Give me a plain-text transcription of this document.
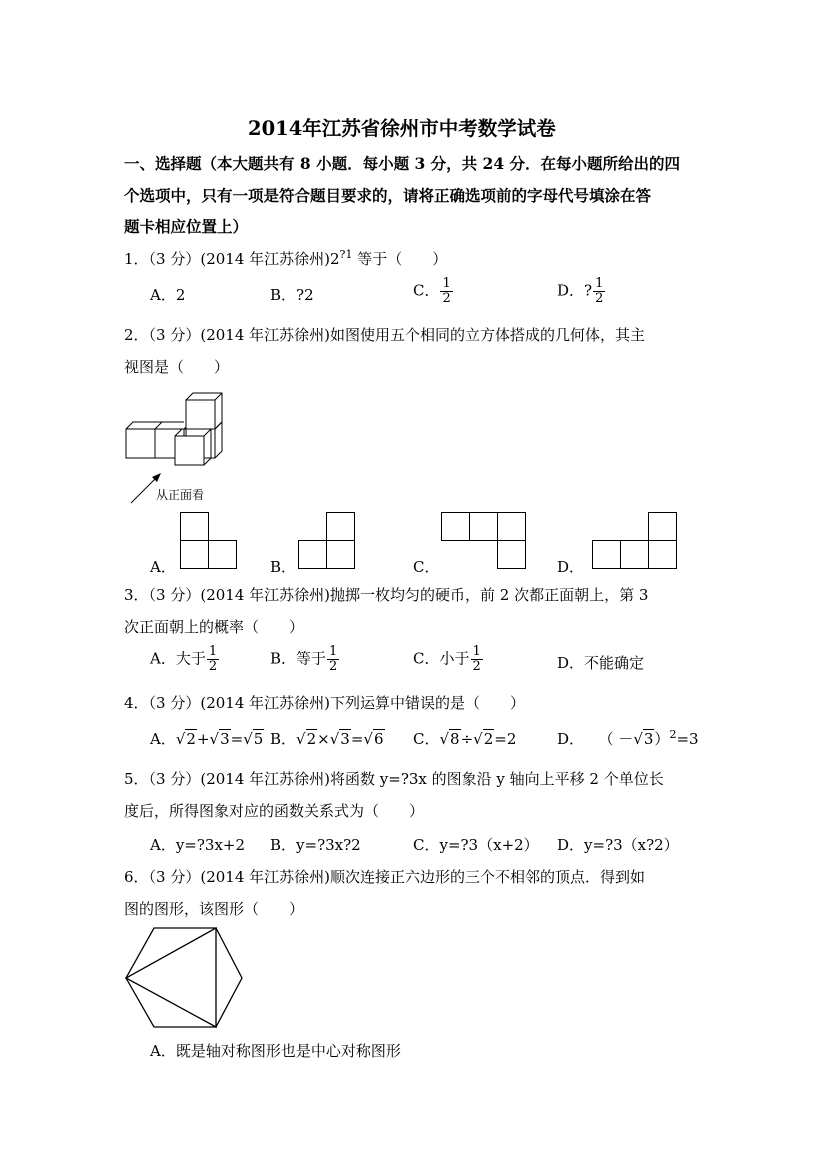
2014年江苏省徐州市中考数学试卷
一、选择题（本大题共有 8 小题．每小题 3 分，共 24 分．在每小题所给出的四
个选项中，只有一项是符合题目要求的，请将正确选项前的字母代号填涂在答
题卡相应位置上）
1．（3 分）(2014 年江苏徐州)$2^{?1}$ 等于（　　）
A．2	B．?2	C． $\frac{1}{2}$	D．? $\frac{1}{2}$
2．（3 分）(2014 年江苏徐州)如图使用五个相同的立方体搭成的几何体，其主
视图是（　　）
从正面看
A．	B．	C．	D．
3．（3 分）(2014 年江苏徐州)抛掷一枚均匀的硬币，前 2 次都正面朝上，第 3
次正面朝上的概率（　　）
A．大于 $\frac{1}{2}$	B．等于 $\frac{1}{2}$	C．小于 $\frac{1}{2}$	D．不能确定
4．（3 分）(2014 年江苏徐州)下列运算中错误的是（　　）
A．√2+√3=√5 B．√2×√3=√6 C．√8÷√2=2	D． （ －√3）$^2$=3
5．（3 分）(2014 年江苏徐州)将函数 y=?3x 的图象沿 y 轴向上平移 2 个单位长
度后，所得图象对应的函数关系式为（　　）
A．y=?3x+2 B．y=?3x?2	C．y=?3（x+2） D．y=?3（x?2）
6．（3 分）(2014 年江苏徐州)顺次连接正六边形的三个不相邻的顶点．得到如
图的图形，该图形（　　）
A．既是轴对称图形也是中心对称图形
